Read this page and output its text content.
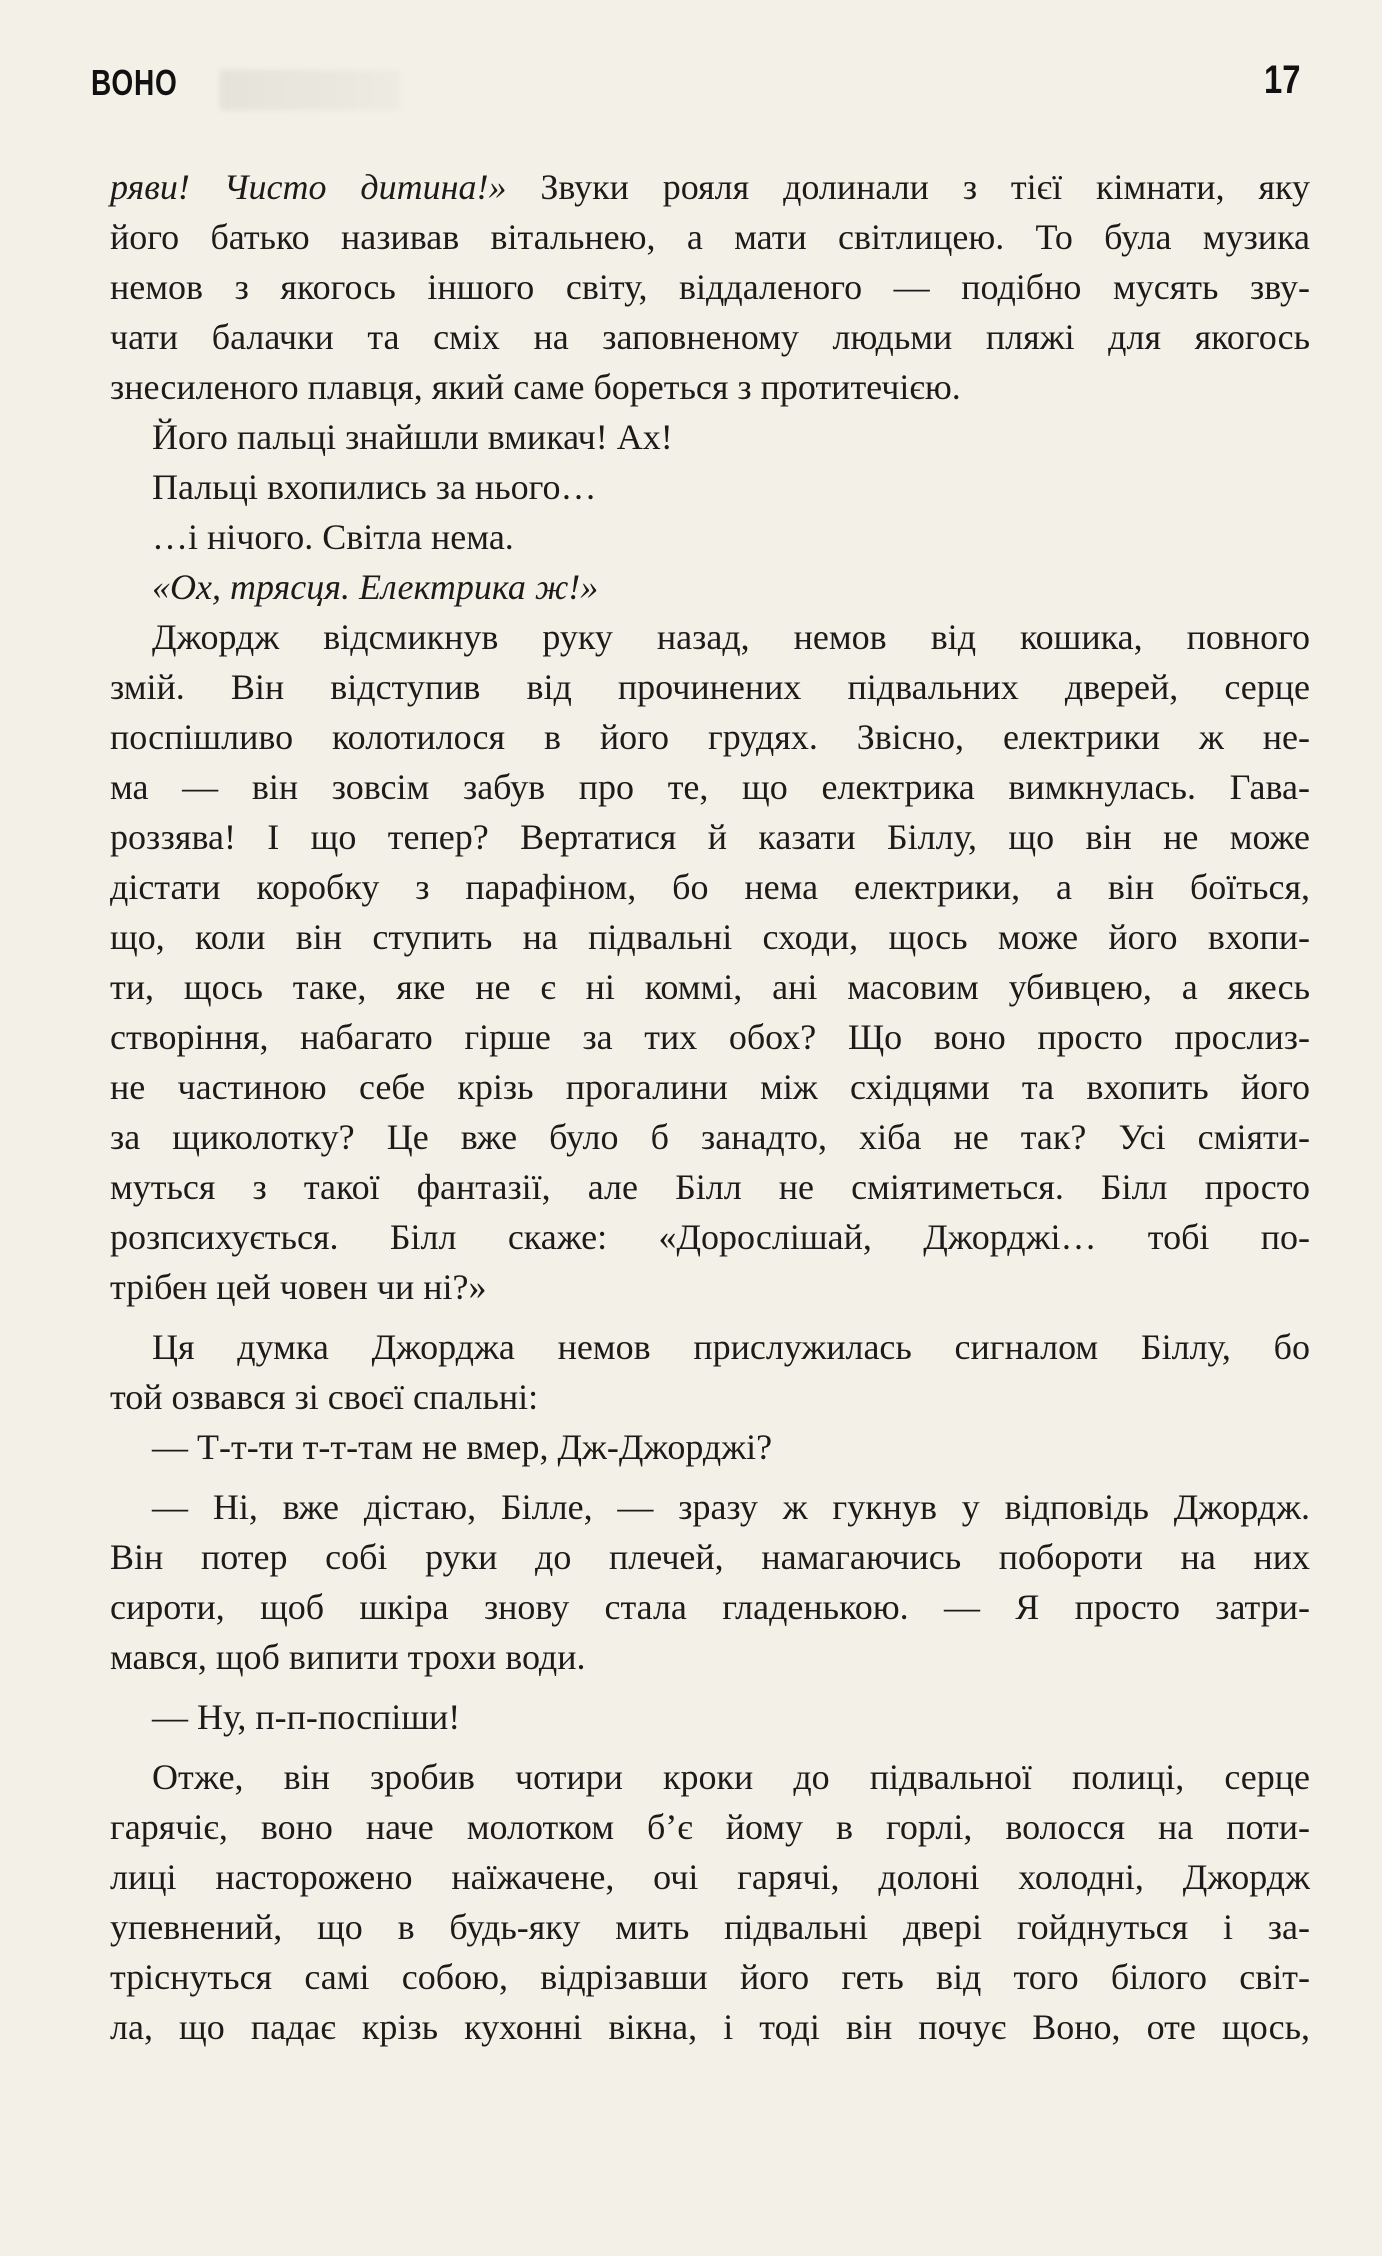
ВОНО	17
ряви! Чисто дитина!» Звуки рояля долинали з тієї кімнати, яку
його батько називав вітальнею, а мати світлицею. То була музика
немов з якогось іншого світу, віддаленого — подібно мусять зву-
чати балачки та сміх на заповненому людьми пляжі для якогось
знесиленого плавця, який саме бореться з протитечією.
Його пальці знайшли вмикач! Ах!
Пальці вхопились за нього…
…і нічого. Світла нема.
«Ох, трясця. Електрика ж!»
Джордж відсмикнув руку назад, немов від кошика, повного
змій. Він відступив від прочинених підвальних дверей, серце
поспішливо колотилося в його грудях. Звісно, електрики ж не-
ма — він зовсім забув про те, що електрика вимкнулась. Гава-
роззява! І що тепер? Вертатися й казати Біллу, що він не може
дістати коробку з парафіном, бо нема електрики, а він боїться,
що, коли він ступить на підвальні сходи, щось може його вхопи-
ти, щось таке, яке не є ні коммі, ані масовим убивцею, а якесь
створіння, набагато гірше за тих обох? Що воно просто прослиз-
не частиною себе крізь прогалини між східцями та вхопить його
за щиколотку? Це вже було б занадто, хіба не так? Усі сміяти-
муться з такої фантазії, але Білл не сміятиметься. Білл просто
розпсихується. Білл скаже: «Дорослішай, Джорджі… тобі по-
трібен цей човен чи ні?»
Ця думка Джорджа немов прислужилась сигналом Біллу, бо
той озвався зі своєї спальні:
— Т-т-ти т-т-там не вмер, Дж-Джорджі?
— Ні, вже дістаю, Білле, — зразу ж гукнув у відповідь Джордж.
Він потер собі руки до плечей, намагаючись побороти на них
сироти, щоб шкіра знову стала гладенькою. — Я просто затри-
мався, щоб випити трохи води.
— Ну, п-п-поспіши!
Отже, він зробив чотири кроки до підвальної полиці, серце
гарячіє, воно наче молотком б’є йому в горлі, волосся на поти-
лиці насторожено наїжачене, очі гарячі, долоні холодні, Джордж
упевнений, що в будь-яку мить підвальні двері гойднуться і за-
тріснуться самі собою, відрізавши його геть від того білого світ-
ла, що падає крізь кухонні вікна, і тоді він почує Воно, оте щось,
